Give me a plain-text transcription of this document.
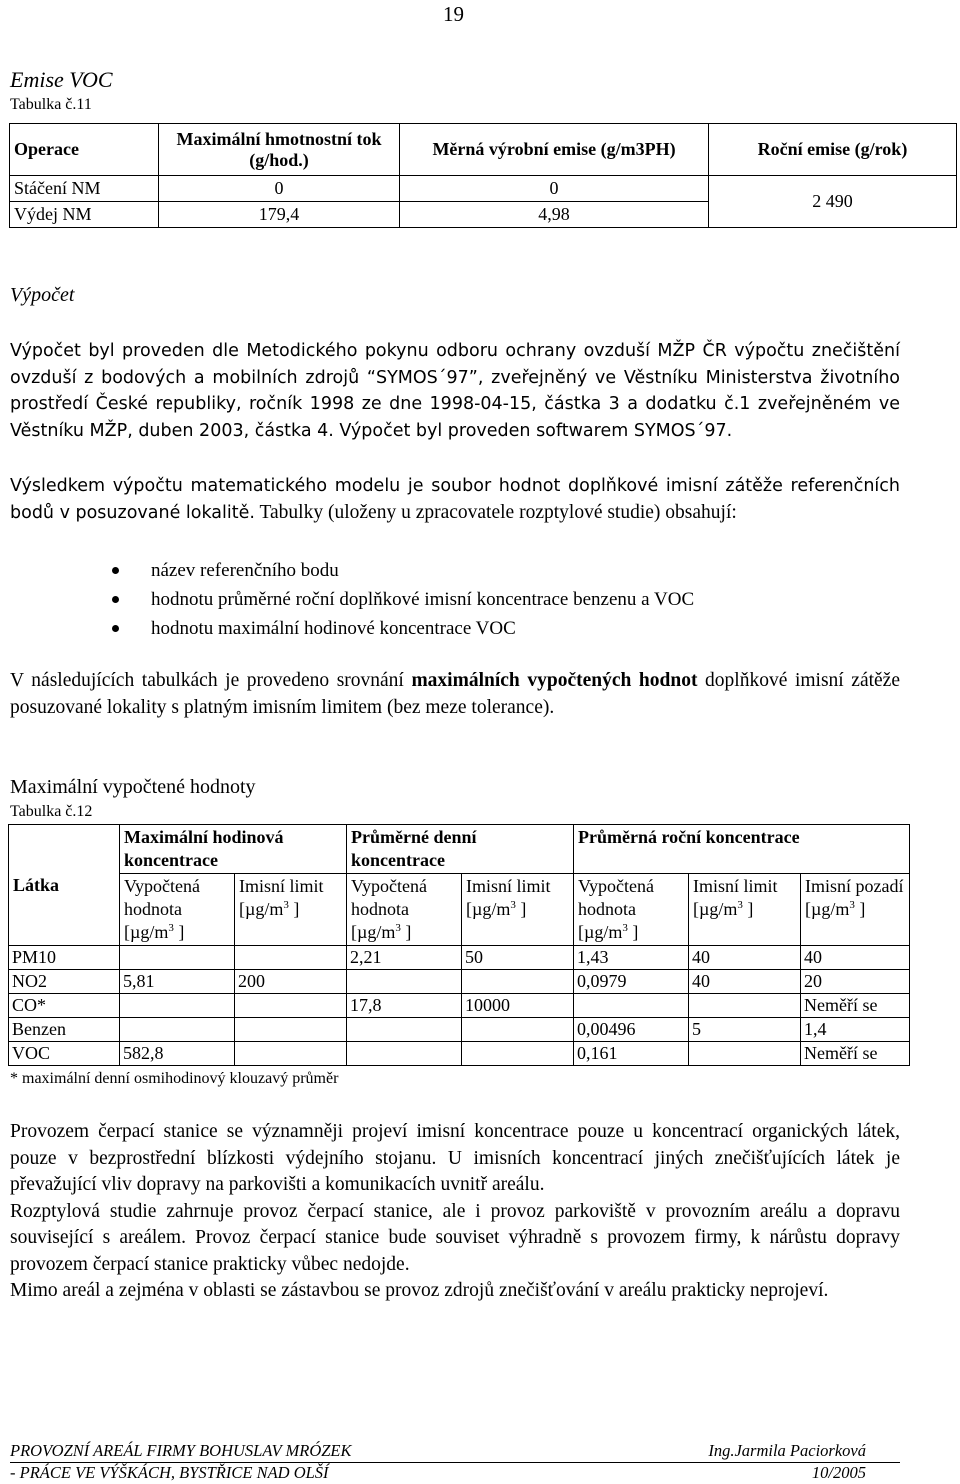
19
Emise VOC
Tabulka č.11
Operace	Maximální hmotnostní tok (g/hod.)	Měrná výrobní emise (g/m3PH)	Roční emise (g/rok)
Stáčení NM	0	0	2 490
Výdej NM	179,4	4,98	
Výpočet

Výpočet byl proveden dle Metodického pokynu odboru ochrany ovzduší MŽP ČR výpočtu znečištění ovzduší z bodových a mobilních zdrojů “SYMOS´97”, zveřejněný ve Věstníku Ministerstva životního prostředí České republiky, ročník 1998 ze dne 1998-04-15, částka 3 a dodatku č.1 zveřejněném ve Věstníku MŽP, duben 2003, částka 4. Výpočet byl proveden softwarem SYMOS´97.

Výsledkem výpočtu matematického modelu je soubor hodnot doplňkové imisní zátěže referenčních bodů v posuzované lokalitě. Tabulky (uloženy u zpracovatele rozptylové studie) obsahují:

název referenčního bodu
hodnotu průměrné roční doplňkové imisní koncentrace benzenu a VOC
hodnotu maximální hodinové koncentrace VOC

V následujících tabulkách je provedeno srovnání maximálních vypočtených hodnot doplňkové imisní zátěže posuzované lokality s platným imisním limitem (bez meze tolerance).

Maximální vypočtené hodnoty
Tabulka č.12
Látka	Maximální hodinová koncentrace		Průměrné denní koncentrace		Průměrná roční koncentrace		
	Vypočtená hodnota
[$\mu g/m^3$ ]	Imisní limit
[$\mu g/m^3$ ]	Vypočtená hodnota
[$\mu g/m^3$ ]	Imisní limit
[$\mu g/m^3$ ]	Vypočtená hodnota
[$\mu g/m^3$ ]	Imisní limit
[$\mu g/m^3$ ]	Imisní pozadí
[$\mu g/m^3$ ]
PM10			2,21	50	1,43	40	40
NO2	5,81	200			0,0979	40	20
CO*			17,8	10000			Neměří se
Benzen					0,00496	5	1,4
VOC	582,8				0,161		Neměří se
* maximální denní osmihodinový klouzavý průměr

Provozem čerpací stanice se významněji projeví imisní koncentrace pouze u koncentrací organických látek, pouze v bezprostřední blízkosti výdejního stojanu. U imisních koncentrací jiných znečišťujících látek je převažující vliv dopravy na parkovišti a komunikacích uvnitř areálu.

Rozptylová studie zahrnuje provoz čerpací stanice, ale i provoz parkoviště v provozním areálu a dopravu související s areálem. Provoz čerpací stanice bude souviset výhradně s provozem firmy, k nárůstu dopravy provozem čerpací stanice prakticky vůbec nedojde.

Mimo areál a zejména v oblasti se zástavbou se provoz zdrojů znečišťování v areálu prakticky neprojeví.

PROVOZNÍ AREÁL FIRMY BOHUSLAV MRÓZEK	Ing.Jarmila Paciorková
- PRÁCE VE VÝŠKÁCH, BYSTŘICE NAD OLŠÍ	10/2005
